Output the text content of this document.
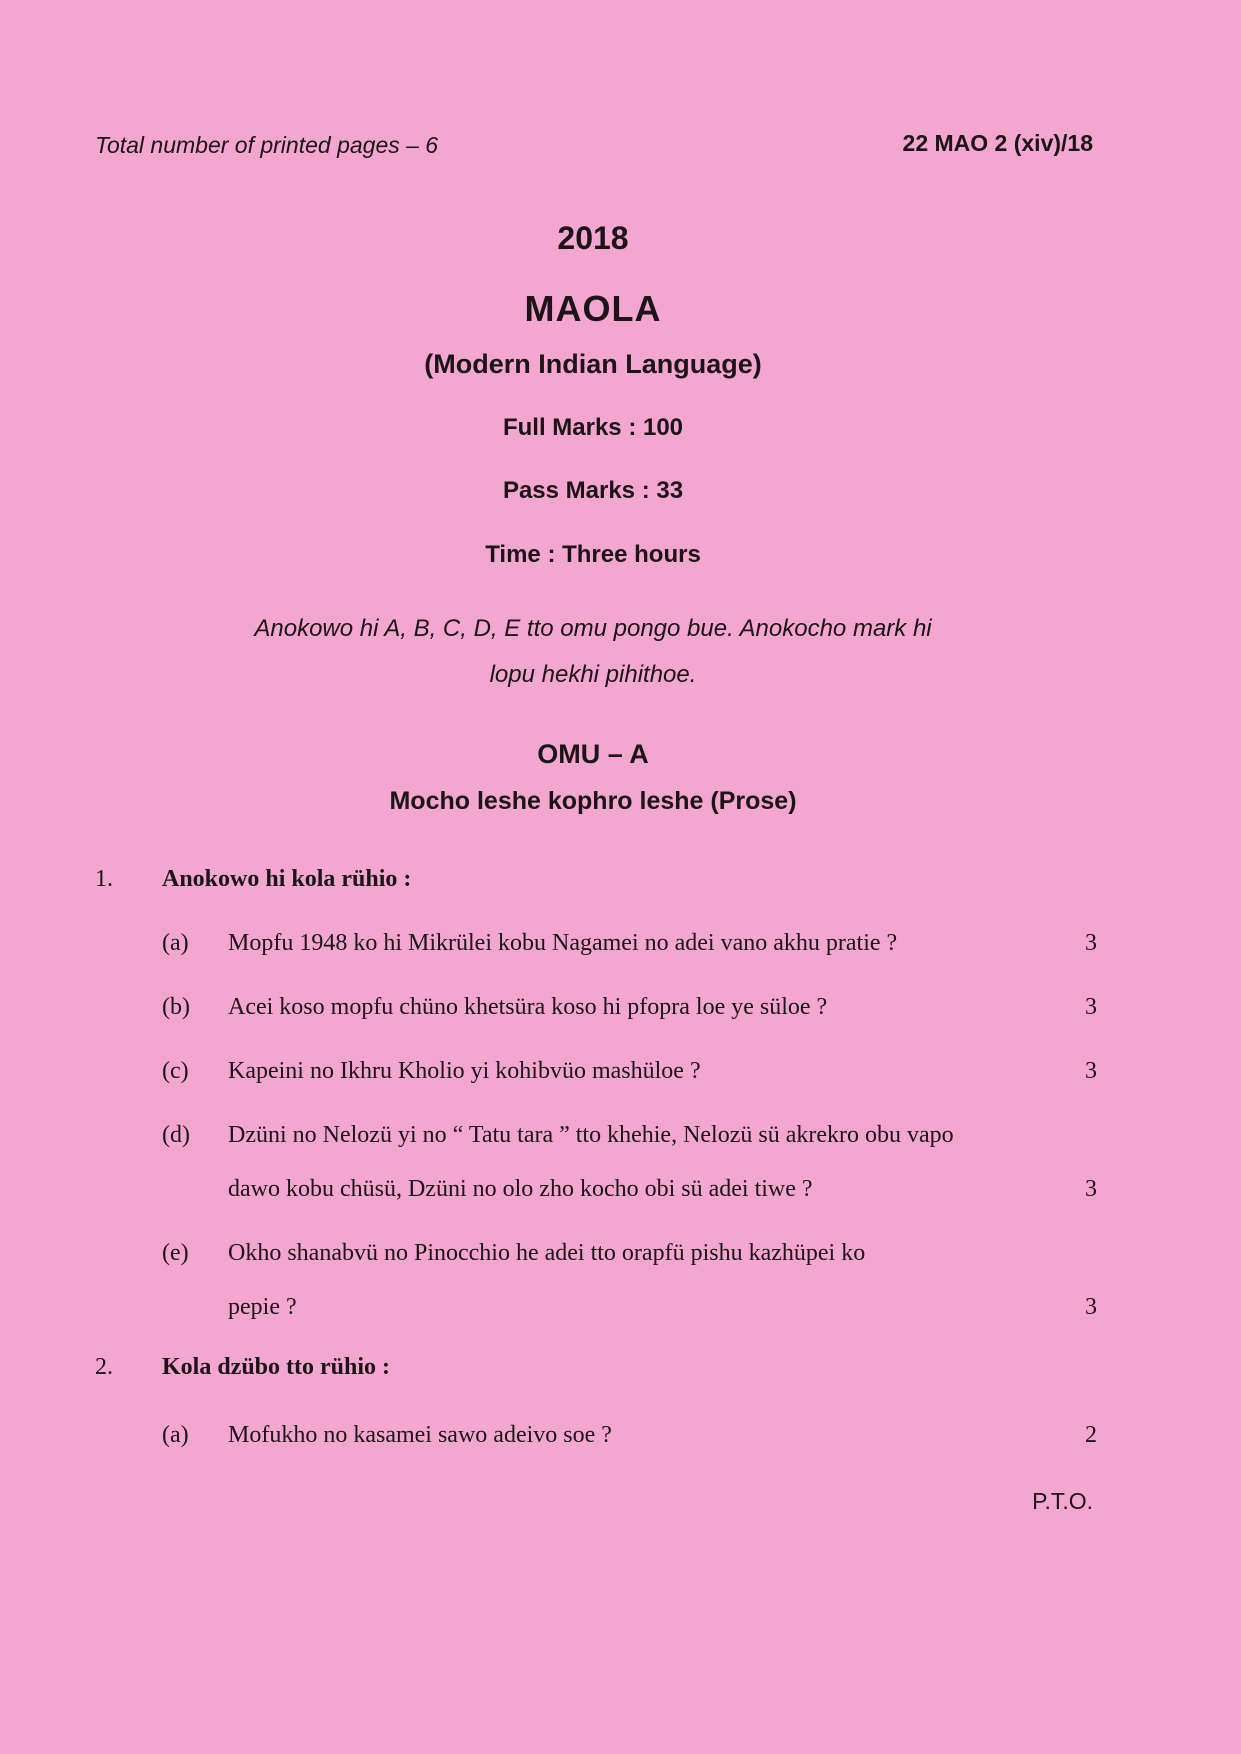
Total number of printed pages – 6	22 MAO 2 (xiv)/18
2018
MAOLA
(Modern Indian Language)
Full Marks : 100
Pass Marks : 33
Time : Three hours
Anokowo hi A, B, C, D, E tto omu pongo bue. Anokocho mark hi
lopu hekhi pihithoe.
OMU – A
Mocho leshe kophro leshe (Prose)
1. Anokowo hi kola rühio :
(a) Mopfu 1948 ko hi Mikrülei kobu Nagamei no adei vano akhu pratie ?	3
(b) Acei koso mopfu chüno khetsüra koso hi pfopra loe ye süloe ?	3
(c) Kapeini no Ikhru Kholio yi kohibvüo mashüloe ?	3
(d) Dzüni no Nelozü yi no “ Tatu tara ” tto khehie, Nelozü sü akrekro obu vapo
dawo kobu chüsü, Dzüni no olo zho kocho obi sü adei tiwe ?	3
(e) Okho shanabvü no Pinocchio he adei tto orapfü pishu kazhüpei ko
pepie ?	3
2. Kola dzübo tto rühio :
(a) Mofukho no kasamei sawo adeivo soe ?	2
P.T.O.
